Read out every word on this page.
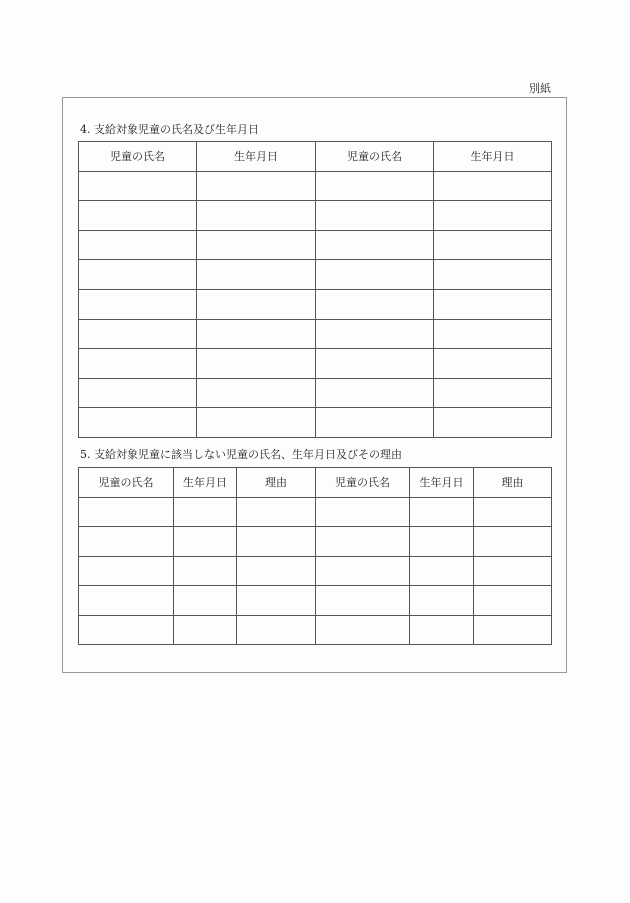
別紙
4. 支給対象児童の氏名及び生年月日
児童の氏名	生年月日	児童の氏名	生年月日

5. 支給対象児童に該当しない児童の氏名、生年月日及びその理由
児童の氏名	生年月日	理由	児童の氏名	生年月日	理由
